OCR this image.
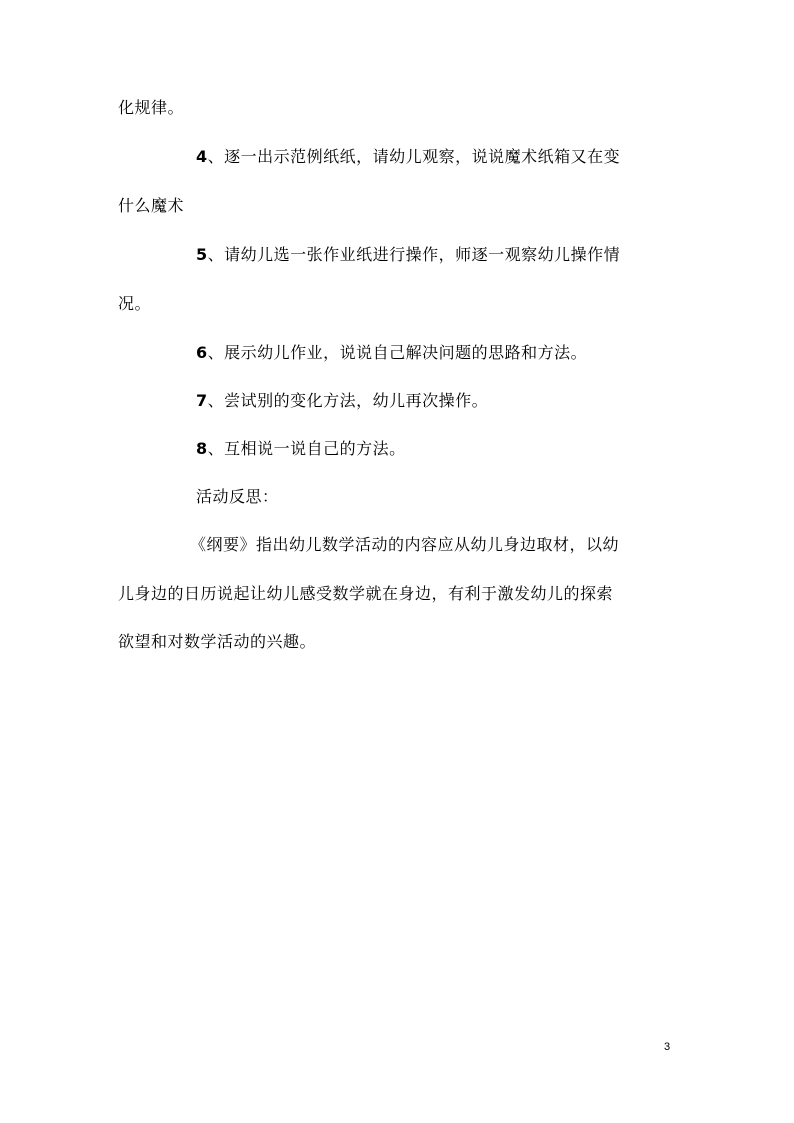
化规律。
4、逐一出示范例纸纸，请幼儿观察，说说魔术纸箱又在变
什么魔术
5、请幼儿选一张作业纸进行操作，师逐一观察幼儿操作情
况。
6、展示幼儿作业，说说自己解决问题的思路和方法。
7、尝试别的变化方法，幼儿再次操作。
8、互相说一说自己的方法。
活动反思：
《纲要》指出幼儿数学活动的内容应从幼儿身边取材，以幼
儿身边的日历说起让幼儿感受数学就在身边，有利于激发幼儿的探索
欲望和对数学活动的兴趣。
3
